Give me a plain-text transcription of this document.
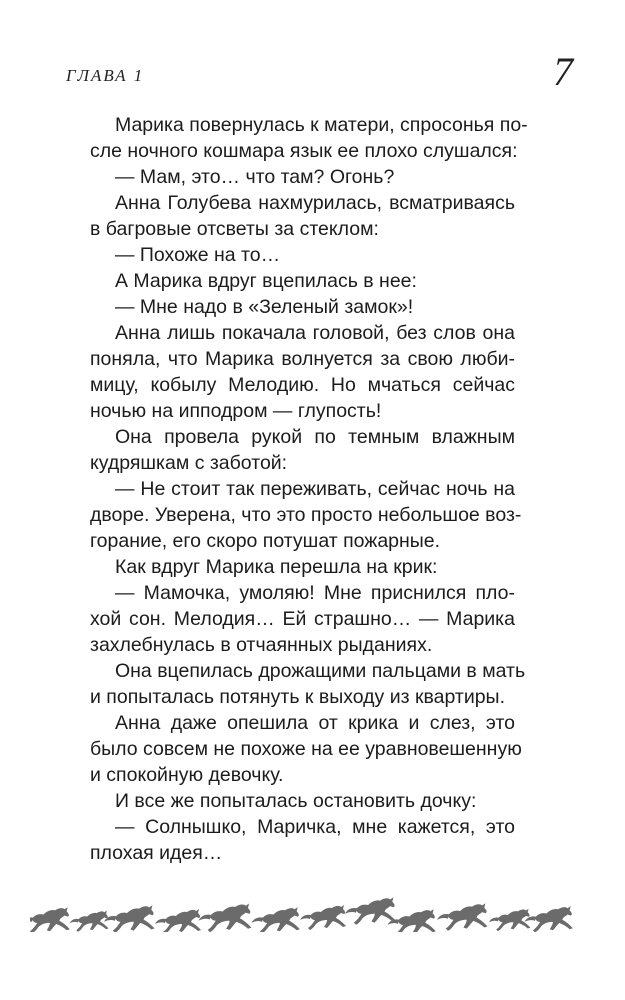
ГЛАВА 1	7
Марика повернулась к матери, спросонья по-
сле ночного кошмара язык ее плохо слушался:
— Мам, это… что там? Огонь?
Анна Голубева нахмурилась, всматриваясь
в багровые отсветы за стеклом:
— Похоже на то…
А Марика вдруг вцепилась в нее:
— Мне надо в «Зеленый замок»!
Анна лишь покачала головой, без слов она
поняла, что Марика волнуется за свою люби-
мицу, кобылу Мелодию. Но мчаться сейчас
ночью на ипподром — глупость!
Она провела рукой по темным влажным
кудряшкам с заботой:
— Не стоит так переживать, сейчас ночь на
дворе. Уверена, что это просто небольшое воз-
горание, его скоро потушат пожарные.
Как вдруг Марика перешла на крик:
— Мамочка, умоляю! Мне приснился пло-
хой сон. Мелодия… Ей страшно… — Марика
захлебнулась в отчаянных рыданиях.
Она вцепилась дрожащими пальцами в мать
и попыталась потянуть к выходу из квартиры.
Анна даже опешила от крика и слез, это
было совсем не похоже на ее уравновешенную
и спокойную девочку.
И все же попыталась остановить дочку:
— Солнышко, Маричка, мне кажется, это
плохая идея…
